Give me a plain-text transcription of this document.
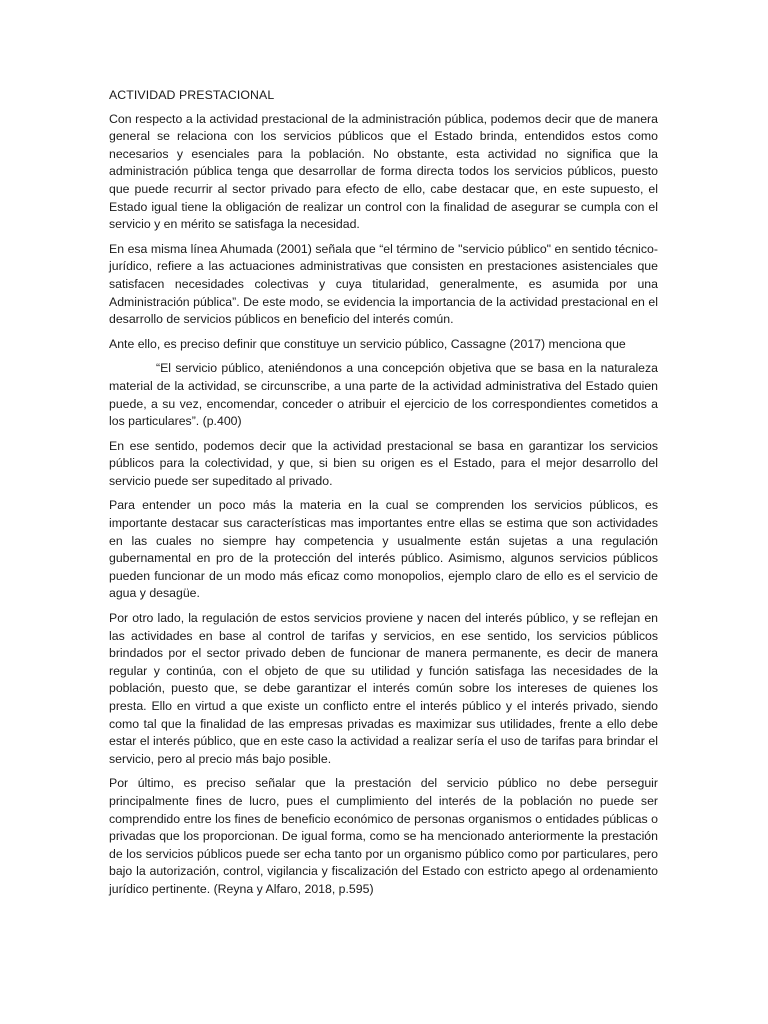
ACTIVIDAD PRESTACIONAL

Con respecto a la actividad prestacional de la administración pública, podemos decir que de manera general se relaciona con los servicios públicos que el Estado brinda, entendidos estos como necesarios y esenciales para la población. No obstante, esta actividad no significa que la administración pública tenga que desarrollar de forma directa todos los servicios públicos, puesto que puede recurrir al sector privado para efecto de ello, cabe destacar que, en este supuesto, el Estado igual tiene la obligación de realizar un control con la finalidad de asegurar se cumpla con el servicio y en mérito se satisfaga la necesidad.

En esa misma línea Ahumada (2001) señala que “el término de "servicio público" en sentido técnico-jurídico, refiere a las actuaciones administrativas que consisten en prestaciones asistenciales que satisfacen necesidades colectivas y cuya titularidad, generalmente, es asumida por una Administración pública”. De este modo, se evidencia la importancia de la actividad prestacional en el desarrollo de servicios públicos en beneficio del interés común.

Ante ello, es preciso definir que constituye un servicio público, Cassagne (2017) menciona que

“El servicio público, ateniéndonos a una concepción objetiva que se basa en la naturaleza material de la actividad, se circunscribe, a una parte de la actividad administrativa del Estado quien puede, a su vez, encomendar, conceder o atribuir el ejercicio de los correspondientes cometidos a los particulares”. (p.400)

En ese sentido, podemos decir que la actividad prestacional se basa en garantizar los servicios públicos para la colectividad, y que, si bien su origen es el Estado, para el mejor desarrollo del servicio puede ser supeditado al privado.

Para entender un poco más la materia en la cual se comprenden los servicios públicos, es importante destacar sus características mas importantes entre ellas se estima que son actividades en las cuales no siempre hay competencia y usualmente están sujetas a una regulación gubernamental en pro de la protección del interés público. Asimismo, algunos servicios públicos pueden funcionar de un modo más eficaz como monopolios, ejemplo claro de ello es el servicio de agua y desagüe.

Por otro lado, la regulación de estos servicios proviene y nacen del interés público, y se reflejan en las actividades en base al control de tarifas y servicios, en ese sentido, los servicios públicos brindados por el sector privado deben de funcionar de manera permanente, es decir de manera regular y continúa, con el objeto de que su utilidad y función satisfaga las necesidades de la población, puesto que, se debe garantizar el interés común sobre los intereses de quienes los presta. Ello en virtud a que existe un conflicto entre el interés público y el interés privado, siendo como tal que la finalidad de las empresas privadas es maximizar sus utilidades, frente a ello debe estar el interés público, que en este caso la actividad a realizar sería el uso de tarifas para brindar el servicio, pero al precio más bajo posible.

Por último, es preciso señalar que la prestación del servicio público no debe perseguir principalmente fines de lucro, pues el cumplimiento del interés de la población no puede ser comprendido entre los fines de beneficio económico de personas organismos o entidades públicas o privadas que los proporcionan. De igual forma, como se ha mencionado anteriormente la prestación de los servicios públicos puede ser echa tanto por un organismo público como por particulares, pero bajo la autorización, control, vigilancia y fiscalización del Estado con estricto apego al ordenamiento jurídico pertinente. (Reyna y Alfaro, 2018, p.595)
